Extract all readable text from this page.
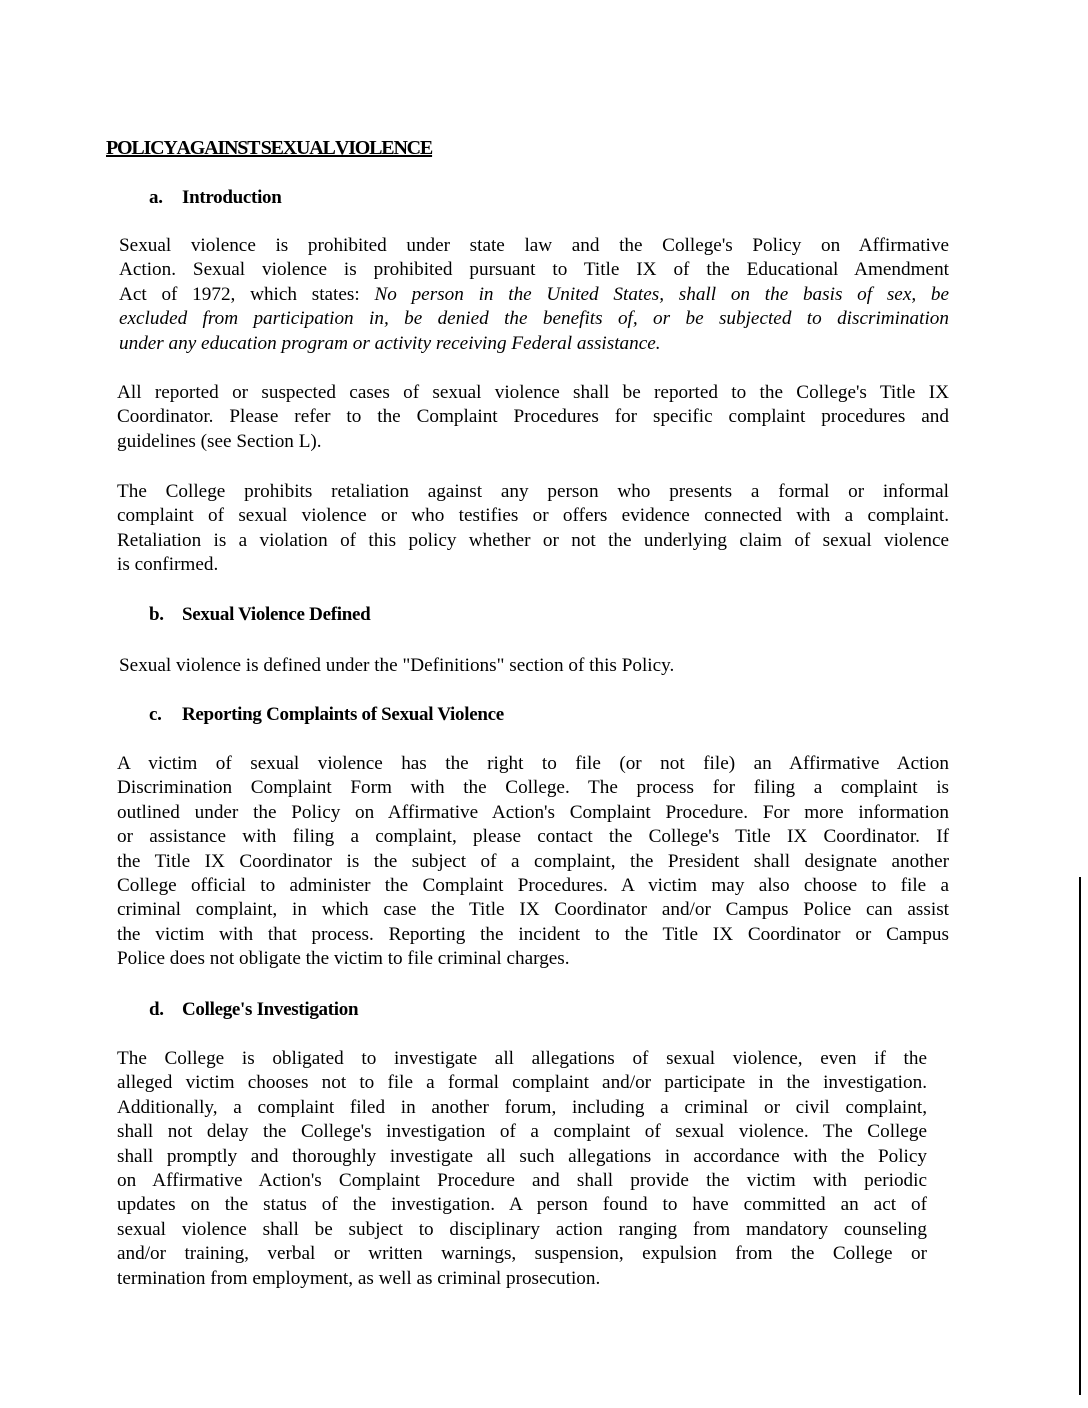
POLICY AGAINST SEXUAL VIOLENCE
a. Introduction

Sexual violence is prohibited under state law and the College's Policy on Affirmative
Action. Sexual violence is prohibited pursuant to Title IX of the Educational Amendment
Act of 1972, which states: No person in the United States, shall on the basis of sex, be
excluded from participation in, be denied the benefits of, or be subjected to discrimination
under any education program or activity receiving Federal assistance.

All reported or suspected cases of sexual violence shall be reported to the College's Title IX
Coordinator. Please refer to the Complaint Procedures for specific complaint procedures and
guidelines (see Section L).

The College prohibits retaliation against any person who presents a formal or informal
complaint of sexual violence or who testifies or offers evidence connected with a complaint.
Retaliation is a violation of this policy whether or not the underlying claim of sexual violence
is confirmed.

b. Sexual Violence Defined

Sexual violence is defined under the "Definitions" section of this Policy.

c. Reporting Complaints of Sexual Violence

A victim of sexual violence has the right to file (or not file) an Affirmative Action
Discrimination Complaint Form with the College. The process for filing a complaint is
outlined under the Policy on Affirmative Action's Complaint Procedure. For more information
or assistance with filing a complaint, please contact the College's Title IX Coordinator. If
the Title IX Coordinator is the subject of a complaint, the President shall designate another
College official to administer the Complaint Procedures. A victim may also choose to file a
criminal complaint, in which case the Title IX Coordinator and/or Campus Police can assist
the victim with that process. Reporting the incident to the Title IX Coordinator or Campus
Police does not obligate the victim to file criminal charges.

d. College's Investigation

The College is obligated to investigate all allegations of sexual violence, even if the
alleged victim chooses not to file a formal complaint and/or participate in the investigation.
Additionally, a complaint filed in another forum, including a criminal or civil complaint,
shall not delay the College's investigation of a complaint of sexual violence. The College
shall promptly and thoroughly investigate all such allegations in accordance with the Policy
on Affirmative Action's Complaint Procedure and shall provide the victim with periodic
updates on the status of the investigation. A person found to have committed an act of
sexual violence shall be subject to disciplinary action ranging from mandatory counseling
and/or training, verbal or written warnings, suspension, expulsion from the College or
termination from employment, as well as criminal prosecution.
